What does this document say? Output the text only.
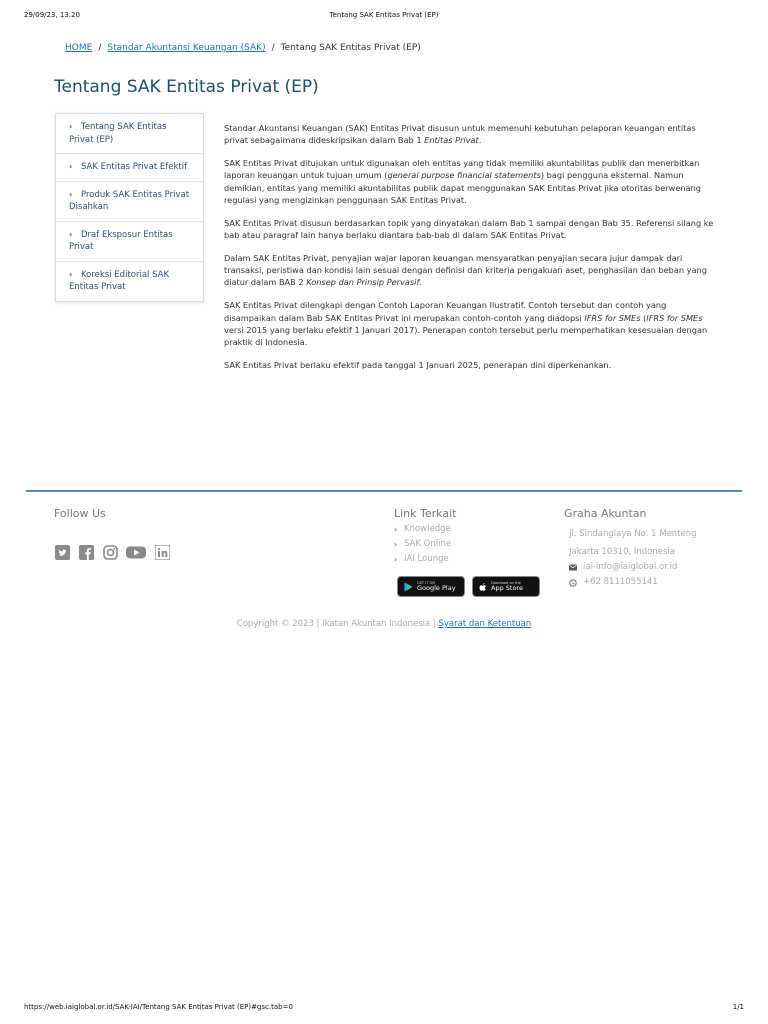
29/09/23, 13.20	Tentang SAK Entitas Privat (EP)
HOME / Standar Akuntansi Keuangan (SAK) / Tentang SAK Entitas Privat (EP)
Tentang SAK Entitas Privat (EP)
› Tentang SAK Entitas Privat (EP)
› SAK Entitas Privat Efektif
› Produk SAK Entitas Privat Disahkan
› Draf Eksposur Entitas Privat
› Koreksi Editorial SAK Entitas Privat

Standar Akuntansi Keuangan (SAK) Entitas Privat disusun untuk memenuhi kebutuhan pelaporan keuangan entitas privat sebagaimana dideskripsikan dalam Bab 1 Entitas Privat.

SAK Entitas Privat ditujukan untuk digunakan oleh entitas yang tidak memiliki akuntabilitas publik dan menerbitkan laporan keuangan untuk tujuan umum (general purpose financial statements) bagi pengguna eksternal. Namun demikian, entitas yang memiliki akuntabilitas publik dapat menggunakan SAK Entitas Privat jika otoritas berwenang regulasi yang mengizinkan penggunaan SAK Entitas Privat.

SAK Entitas Privat disusun berdasarkan topik yang dinyatakan dalam Bab 1 sampai dengan Bab 35. Referensi silang ke bab atau paragraf lain hanya berlaku diantara bab-bab di dalam SAK Entitas Privat.

Dalam SAK Entitas Privat, penyajian wajar laporan keuangan mensyaratkan penyajian secara jujur dampak dari transaksi, peristiwa dan kondisi lain sesuai dengan definisi dan kriteria pengakuan aset, penghasilan dan beban yang diatur dalam BAB 2 Konsep dan Prinsip Pervasif.

SAK Entitas Privat dilengkapi dengan Contoh Laporan Keuangan Ilustratif. Contoh tersebut dan contoh yang disampaikan dalam Bab SAK Entitas Privat ini merupakan contoh-contoh yang diadopsi IFRS for SMEs (IFRS for SMEs versi 2015 yang berlaku efektif 1 Januari 2017). Penerapan contoh tersebut perlu memperhatikan kesesuaian dengan praktik di Indonesia.

SAK Entitas Privat berlaku efektif pada tanggal 1 Januari 2025, penerapan dini diperkenankan.

Follow Us	Link Terkait
› Knowledge
› SAK Online
› IAI Lounge
GET IT ON
Google Play
Download on the
App Store
Graha Akuntan
Jl. Sindanglaya No. 1 Menteng
Jakarta 10310, Indonesia
iai-info@iaiglobal.or.id
+62 8111055141
Copyright © 2023 | Ikatan Akuntan Indonesia | Syarat dan Ketentuan
https://web.iaiglobal.or.id/SAK-IAI/Tentang SAK Entitas Privat (EP)#gsc.tab=0	1/1
